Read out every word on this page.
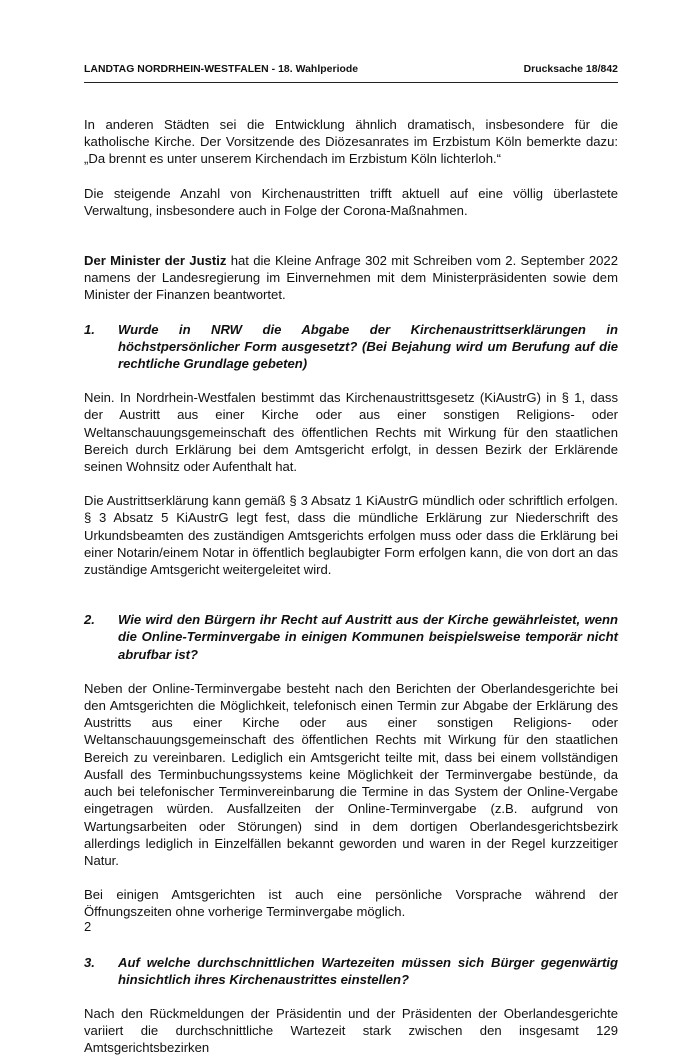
LANDTAG NORDRHEIN-WESTFALEN - 18. Wahlperiode	Drucksache 18/842

In anderen Städten sei die Entwicklung ähnlich dramatisch, insbesondere für die katholische Kirche. Der Vorsitzende des Diözesanrates im Erzbistum Köln bemerkte dazu: „Da brennt es unter unserem Kirchendach im Erzbistum Köln lichterloh.“

Die steigende Anzahl von Kirchenaustritten trifft aktuell auf eine völlig überlastete Verwaltung, insbesondere auch in Folge der Corona-Maßnahmen.

Der Minister der Justiz hat die Kleine Anfrage 302 mit Schreiben vom 2. September 2022 namens der Landesregierung im Einvernehmen mit dem Ministerpräsidenten sowie dem Minister der Finanzen beantwortet.

1.	Wurde in NRW die Abgabe der Kirchenaustrittserklärungen in höchstpersönlicher Form ausgesetzt? (Bei Bejahung wird um Berufung auf die rechtliche Grundlage gebeten)

Nein. In Nordrhein-Westfalen bestimmt das Kirchenaustrittsgesetz (KiAustrG) in § 1, dass der Austritt aus einer Kirche oder aus einer sonstigen Religions- oder Weltanschauungsgemeinschaft des öffentlichen Rechts mit Wirkung für den staatlichen Bereich durch Erklärung bei dem Amtsgericht erfolgt, in dessen Bezirk der Erklärende seinen Wohnsitz oder Aufenthalt hat.

Die Austrittserklärung kann gemäß § 3 Absatz 1 KiAustrG mündlich oder schriftlich erfolgen. § 3 Absatz 5 KiAustrG legt fest, dass die mündliche Erklärung zur Niederschrift des Urkundsbeamten des zuständigen Amtsgerichts erfolgen muss oder dass die Erklärung bei einer Notarin/einem Notar in öffentlich beglaubigter Form erfolgen kann, die von dort an das zuständige Amtsgericht weitergeleitet wird.

2.	Wie wird den Bürgern ihr Recht auf Austritt aus der Kirche gewährleistet, wenn die Online-Terminvergabe in einigen Kommunen beispielsweise temporär nicht abrufbar ist?

Neben der Online-Terminvergabe besteht nach den Berichten der Oberlandesgerichte bei den Amtsgerichten die Möglichkeit, telefonisch einen Termin zur Abgabe der Erklärung des Austritts aus einer Kirche oder aus einer sonstigen Religions- oder Weltanschauungsgemeinschaft des öffentlichen Rechts mit Wirkung für den staatlichen Bereich zu vereinbaren. Lediglich ein Amtsgericht teilte mit, dass bei einem vollständigen Ausfall des Terminbuchungssystems keine Möglichkeit der Terminvergabe bestünde, da auch bei telefonischer Terminvereinbarung die Termine in das System der Online-Vergabe eingetragen würden. Ausfallzeiten der Online-Terminvergabe (z.B. aufgrund von Wartungsarbeiten oder Störungen) sind in dem dortigen Oberlandesgerichtsbezirk allerdings lediglich in Einzelfällen bekannt geworden und waren in der Regel kurzzeitiger Natur.

Bei einigen Amtsgerichten ist auch eine persönliche Vorsprache während der Öffnungszeiten ohne vorherige Terminvergabe möglich.

3.	Auf welche durchschnittlichen Wartezeiten müssen sich Bürger gegenwärtig hinsichtlich ihres Kirchenaustrittes einstellen?

Nach den Rückmeldungen der Präsidentin und der Präsidenten der Oberlandesgerichte variiert die durchschnittliche Wartezeit stark zwischen den insgesamt 129 Amtsgerichtsbezirken

2
